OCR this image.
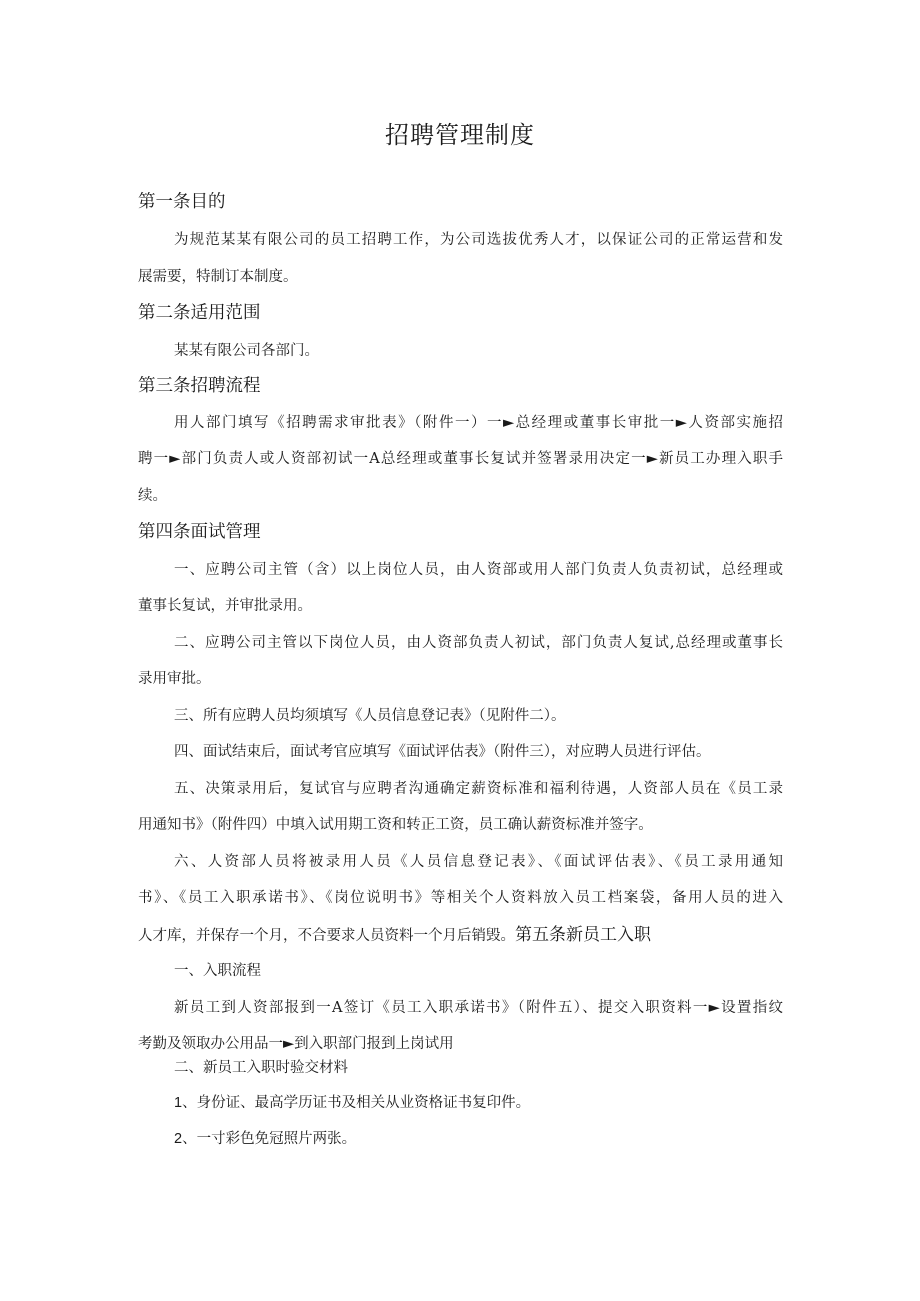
招聘管理制度
第一条目的
为规范某某有限公司的员工招聘工作，为公司选拔优秀人才，以保证公司的正常运营和发
展需要，特制订本制度。
第二条适用范围
某某有限公司各部门。
第三条招聘流程
用人部门填写《招聘需求审批表》（附件一）一►总经理或董事长审批一►人资部实施招
聘一►部门负责人或人资部初试一A总经理或董事长复试并签署录用决定一►新员工办理入职手
续。
第四条面试管理
一、应聘公司主管（含）以上岗位人员，由人资部或用人部门负责人负责初试，总经理或
董事长复试，并审批录用。
二、应聘公司主管以下岗位人员，由人资部负责人初试，部门负责人复试,总经理或董事长
录用审批。
三、所有应聘人员均须填写《人员信息登记表》（见附件二）。
四、面试结束后，面试考官应填写《面试评估表》（附件三），对应聘人员进行评估。
五、决策录用后，复试官与应聘者沟通确定薪资标准和福利待遇，人资部人员在《员工录
用通知书》（附件四）中填入试用期工资和转正工资，员工确认薪资标准并签字。
六、人资部人员将被录用人员《人员信息登记表》、《面试评估表》、《员工录用通知
书》、《员工入职承诺书》、《岗位说明书》等相关个人资料放入员工档案袋，备用人员的进入
人才库，并保存一个月，不合要求人员资料一个月后销毁。第五条新员工入职
一、入职流程
新员工到人资部报到一A签订《员工入职承诺书》（附件五）、提交入职资料一►设置指纹
考勤及领取办公用品一►到入职部门报到上岗试用
二、新员工入职时验交材料
1、身份证、最高学历证书及相关从业资格证书复印件。
2、一寸彩色免冠照片两张。
